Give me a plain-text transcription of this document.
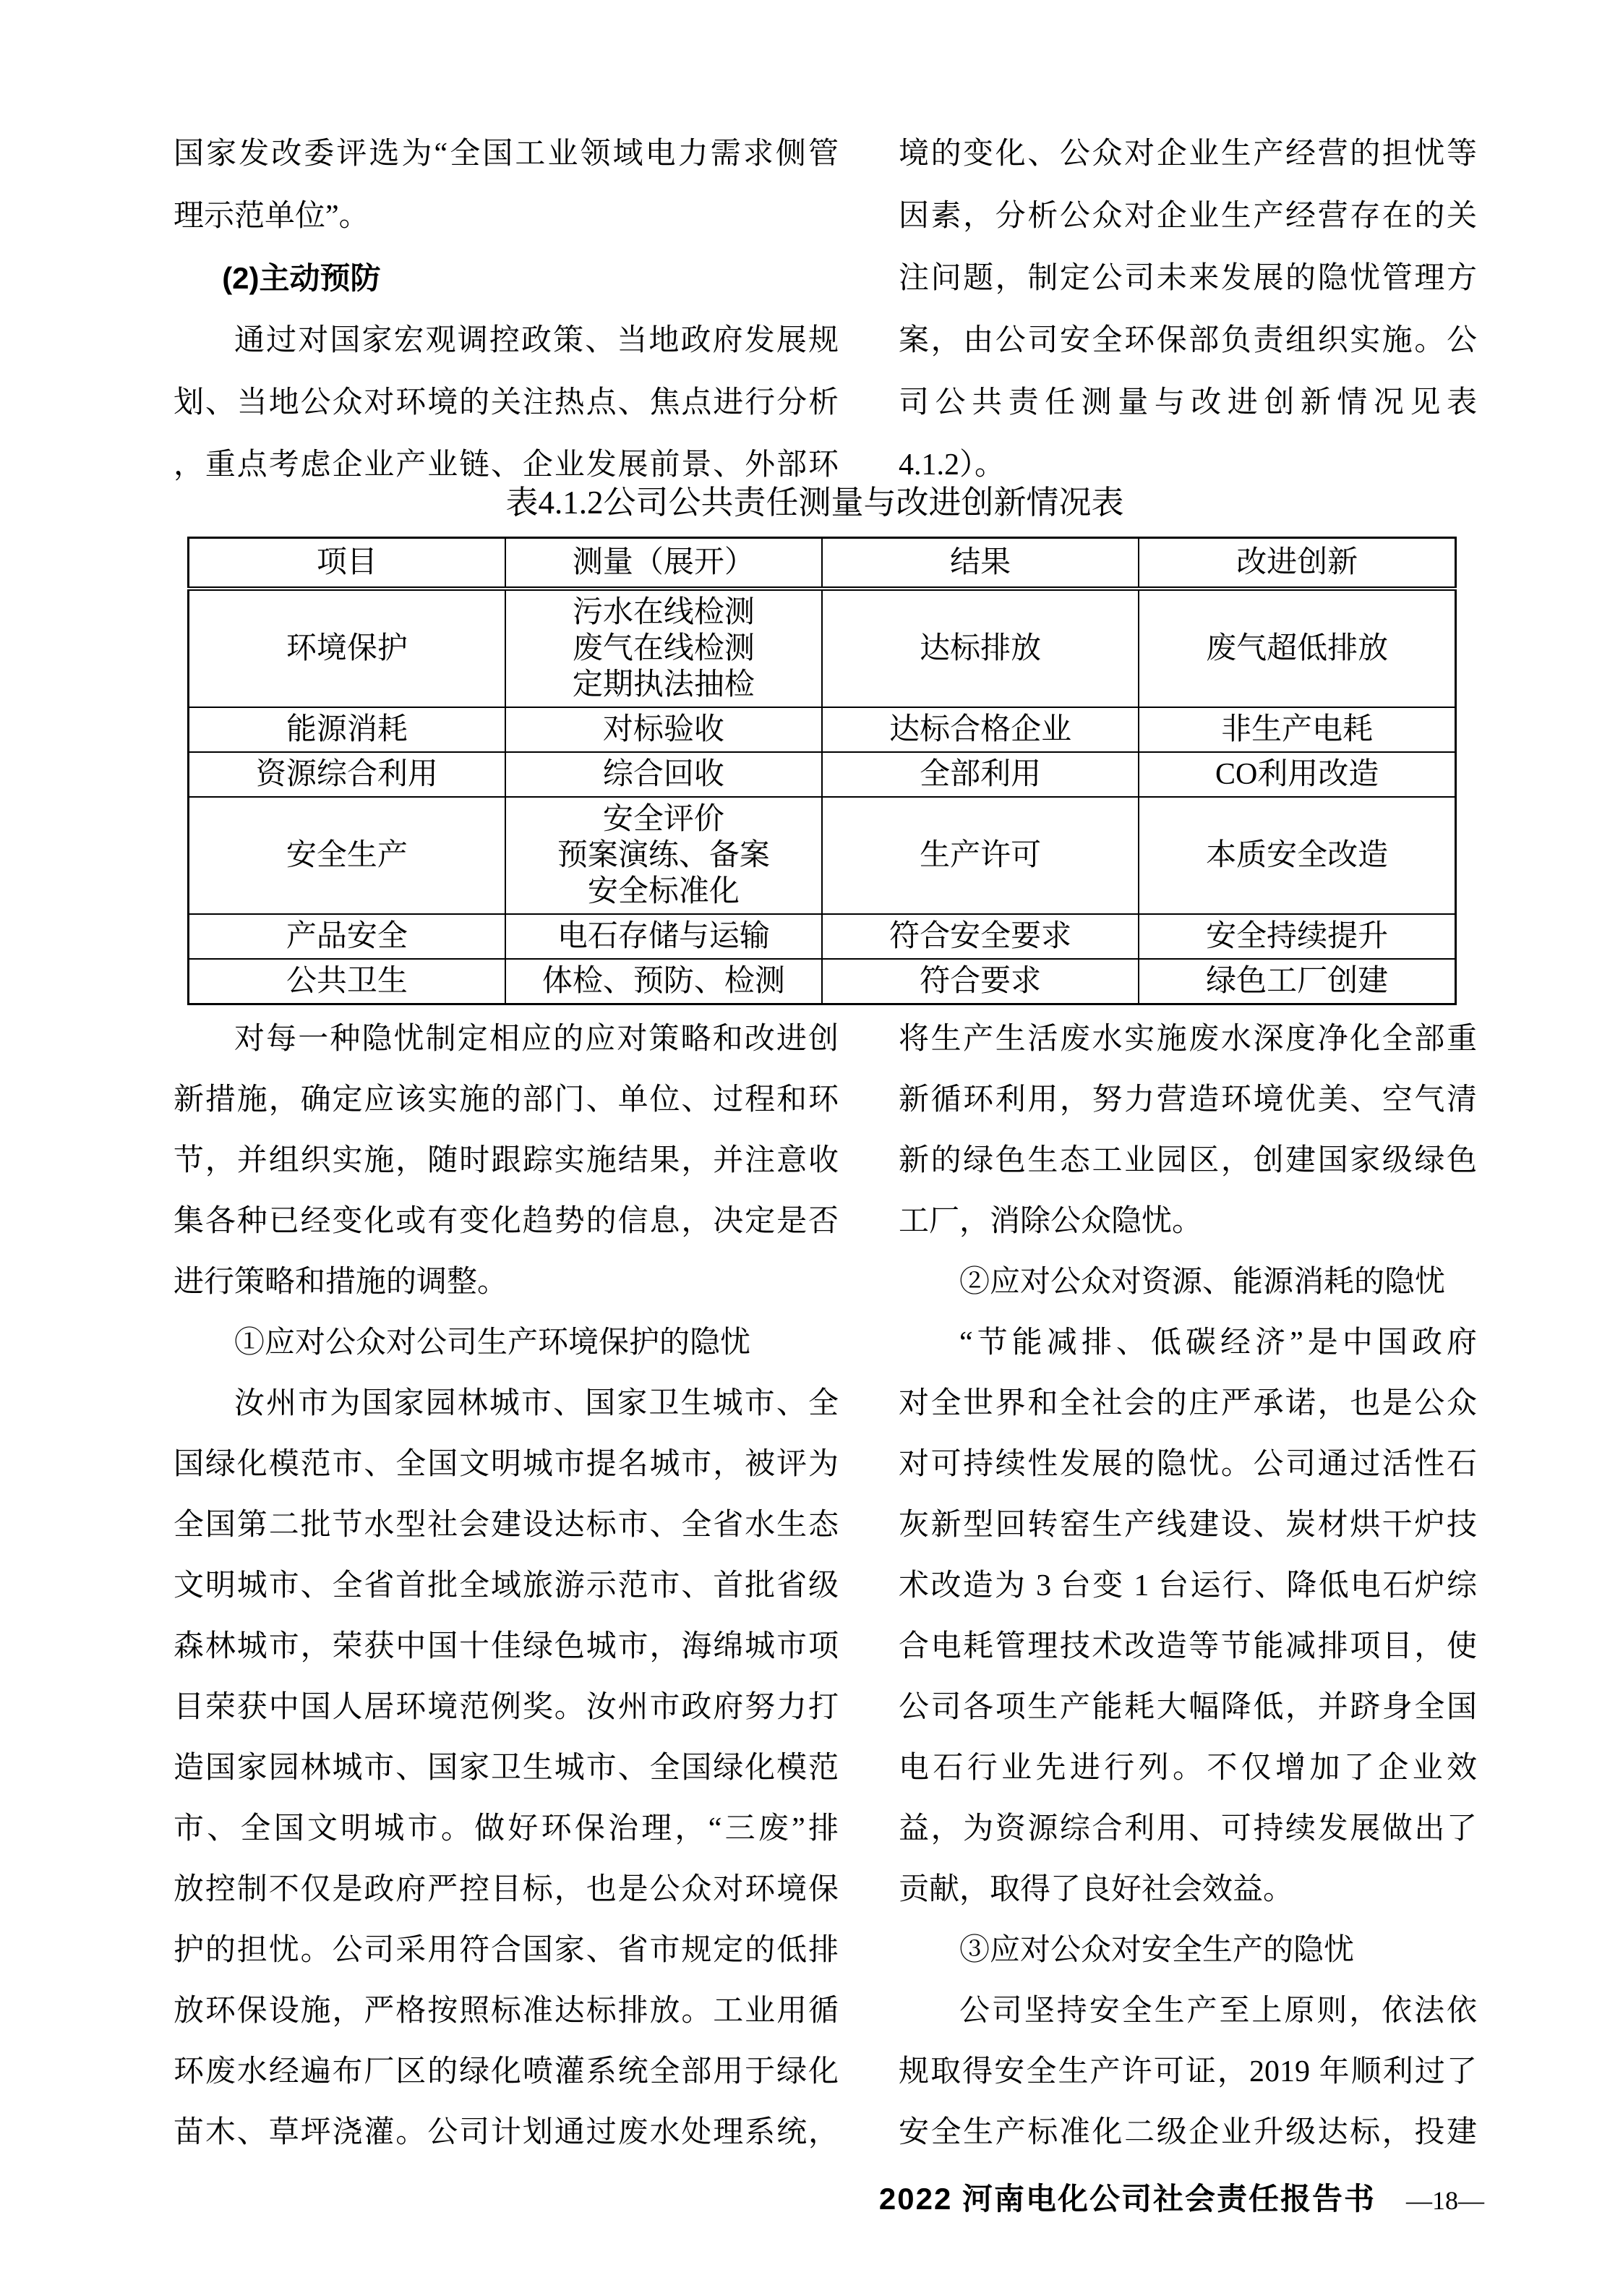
国家发改委评选为“全国工业领域电力需求侧管
理示范单位”。
(2)主动预防
通过对国家宏观调控政策、当地政府发展规
划、当地公众对环境的关注热点、焦点进行分析
，重点考虑企业产业链、企业发展前景、外部环
境的变化、公众对企业生产经营的担忧等
因素，分析公众对企业生产经营存在的关
注问题，制定公司未来发展的隐忧管理方
案，由公司安全环保部负责组织实施。公
司公共责任测量与改进创新情况见表
4.1.2）。
表4.1.2公司公共责任测量与改进创新情况表
项目	测量（展开）	结果	改进创新
环境保护	污水在线检测
废气在线检测
定期执法抽检	达标排放	废气超低排放
能源消耗	对标验收	达标合格企业	非生产电耗
资源综合利用	综合回收	全部利用	CO利用改造
安全生产	安全评价
预案演练、备案
安全标准化	生产许可	本质安全改造
产品安全	电石存储与运输	符合安全要求	安全持续提升
公共卫生	体检、预防、检测	符合要求	绿色工厂创建
对每一种隐忧制定相应的应对策略和改进创
新措施，确定应该实施的部门、单位、过程和环
节，并组织实施，随时跟踪实施结果，并注意收
集各种已经变化或有变化趋势的信息，决定是否
进行策略和措施的调整。
①应对公众对公司生产环境保护的隐忧
汝州市为国家园林城市、国家卫生城市、全
国绿化模范市、全国文明城市提名城市，被评为
全国第二批节水型社会建设达标市、全省水生态
文明城市、全省首批全域旅游示范市、首批省级
森林城市，荣获中国十佳绿色城市，海绵城市项
目荣获中国人居环境范例奖。汝州市政府努力打
造国家园林城市、国家卫生城市、全国绿化模范
市、全国文明城市。做好环保治理，“三废”排
放控制不仅是政府严控目标，也是公众对环境保
护的担忧。公司采用符合国家、省市规定的低排
放环保设施，严格按照标准达标排放。工业用循
环废水经遍布厂区的绿化喷灌系统全部用于绿化
苗木、草坪浇灌。公司计划通过废水处理系统，
将生产生活废水实施废水深度净化全部重
新循环利用，努力营造环境优美、空气清
新的绿色生态工业园区，创建国家级绿色
工厂，消除公众隐忧。
②应对公众对资源、能源消耗的隐忧
“节能减排、低碳经济”是中国政府
对全世界和全社会的庄严承诺，也是公众
对可持续性发展的隐忧。公司通过活性石
灰新型回转窑生产线建设、炭材烘干炉技
术改造为 3 台变 1 台运行、降低电石炉综
合电耗管理技术改造等节能减排项目，使
公司各项生产能耗大幅降低，并跻身全国
电石行业先进行列。不仅增加了企业效
益，为资源综合利用、可持续发展做出了
贡献，取得了良好社会效益。
③应对公众对安全生产的隐忧
公司坚持安全生产至上原则，依法依
规取得安全生产许可证，2019 年顺利过了
安全生产标准化二级企业升级达标，投建
2022 河南电化公司社会责任报告书 —18—
